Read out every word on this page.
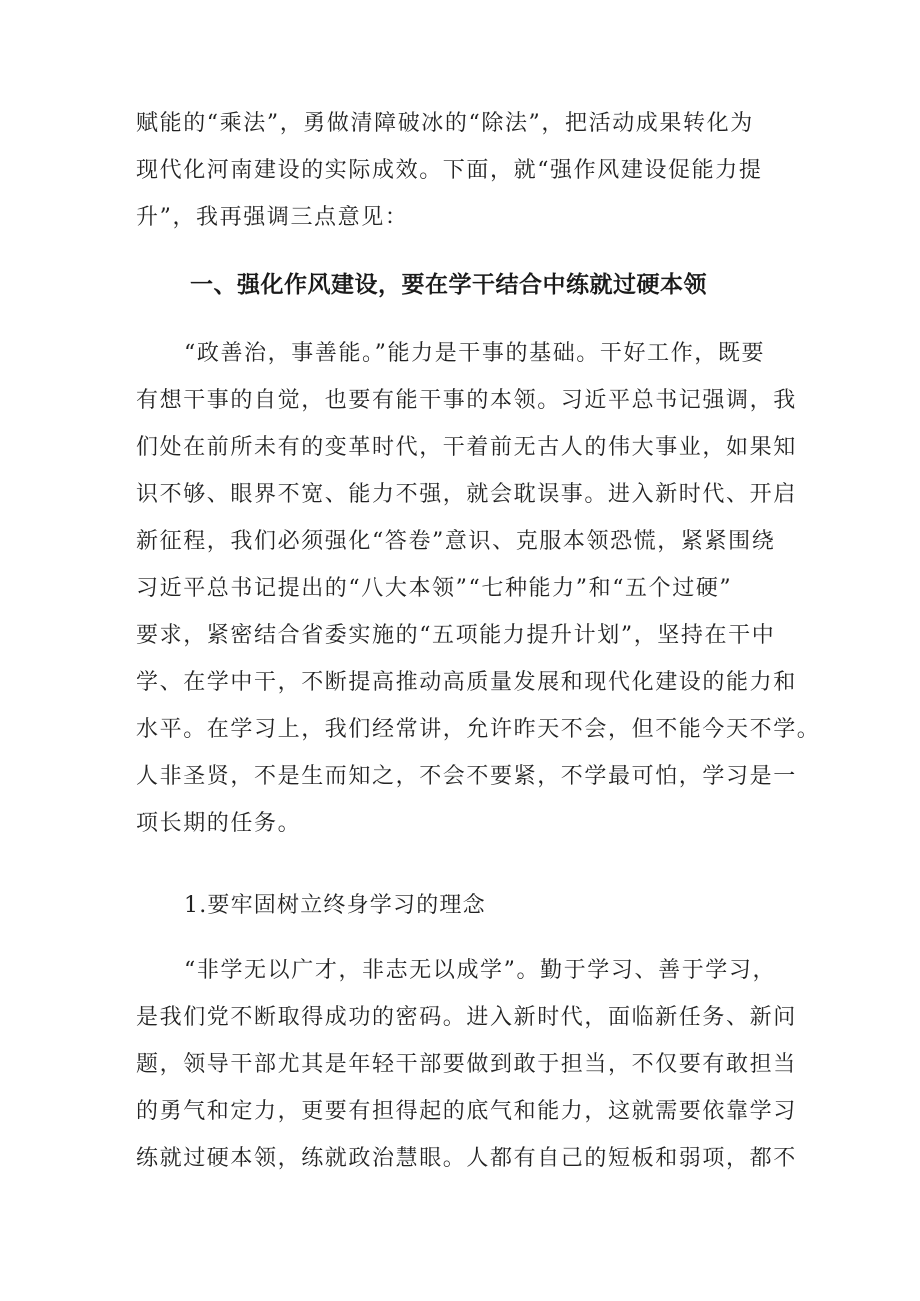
赋能的“乘法”，勇做清障破冰的“除法”，把活动成果转化为
现代化河南建设的实际成效。下面，就“强作风建设促能力提
升”，我再强调三点意见：
一、强化作风建设，要在学干结合中练就过硬本领
“政善治，事善能。”能力是干事的基础。干好工作，既要
有想干事的自觉，也要有能干事的本领。习近平总书记强调，我
们处在前所未有的变革时代，干着前无古人的伟大事业，如果知
识不够、眼界不宽、能力不强，就会耽误事。进入新时代、开启
新征程，我们必须强化“答卷”意识、克服本领恐慌，紧紧围绕
习近平总书记提出的“八大本领”“七种能力”和“五个过硬”
要求，紧密结合省委实施的“五项能力提升计划”，坚持在干中
学、在学中干，不断提高推动高质量发展和现代化建设的能力和
水平。在学习上，我们经常讲，允许昨天不会，但不能今天不学。
人非圣贤，不是生而知之，不会不要紧，不学最可怕，学习是一
项长期的任务。
1.要牢固树立终身学习的理念
“非学无以广才，非志无以成学”。勤于学习、善于学习，
是我们党不断取得成功的密码。进入新时代，面临新任务、新问
题，领导干部尤其是年轻干部要做到敢于担当，不仅要有敢担当
的勇气和定力，更要有担得起的底气和能力，这就需要依靠学习
练就过硬本领，练就政治慧眼。人都有自己的短板和弱项，都不
